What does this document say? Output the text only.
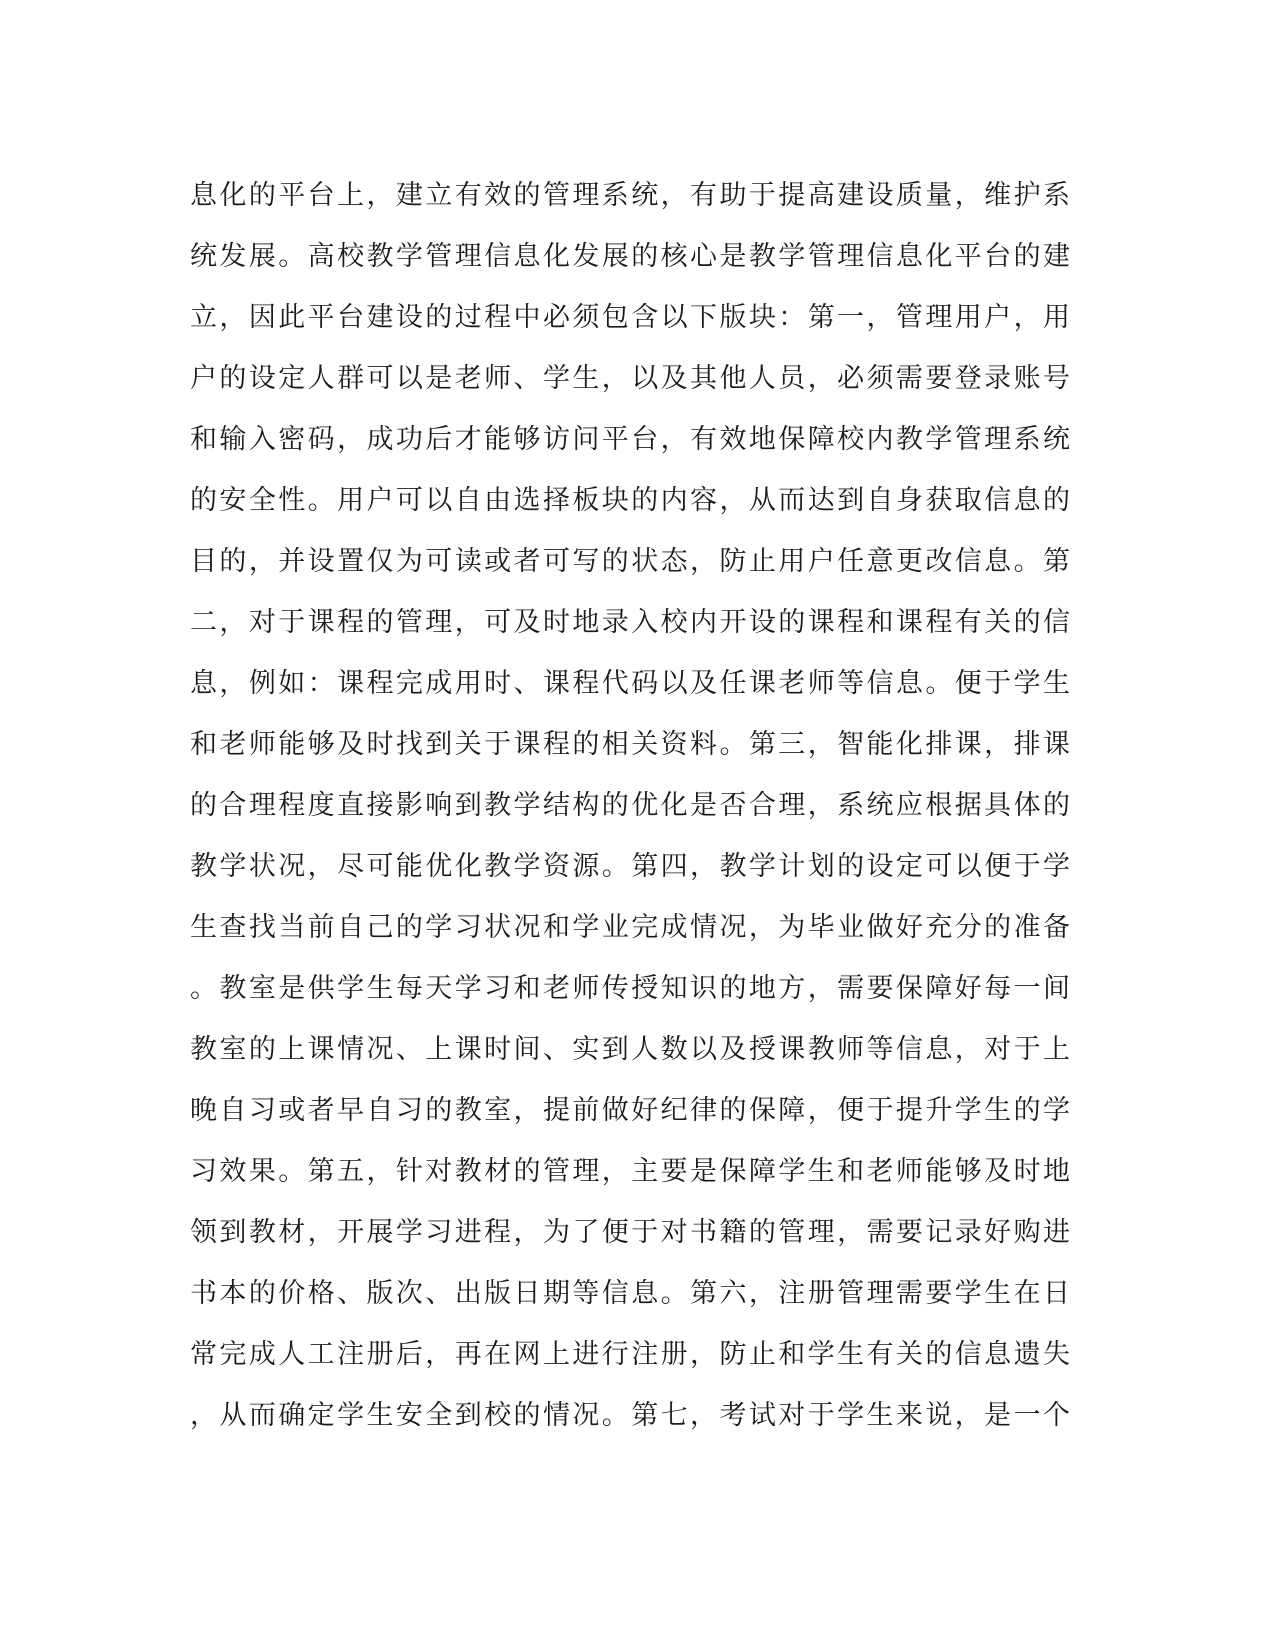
息化的平台上，建立有效的管理系统，有助于提高建设质量，维护系
统发展。高校教学管理信息化发展的核心是教学管理信息化平台的建
立，因此平台建设的过程中必须包含以下版块：第一，管理用户，用
户的设定人群可以是老师、学生，以及其他人员，必须需要登录账号
和输入密码，成功后才能够访问平台，有效地保障校内教学管理系统
的安全性。用户可以自由选择板块的内容，从而达到自身获取信息的
目的，并设置仅为可读或者可写的状态，防止用户任意更改信息。第
二，对于课程的管理，可及时地录入校内开设的课程和课程有关的信
息，例如：课程完成用时、课程代码以及任课老师等信息。便于学生
和老师能够及时找到关于课程的相关资料。第三，智能化排课，排课
的合理程度直接影响到教学结构的优化是否合理，系统应根据具体的
教学状况，尽可能优化教学资源。第四，教学计划的设定可以便于学
生查找当前自己的学习状况和学业完成情况，为毕业做好充分的准备
。教室是供学生每天学习和老师传授知识的地方，需要保障好每一间
教室的上课情况、上课时间、实到人数以及授课教师等信息，对于上
晚自习或者早自习的教室，提前做好纪律的保障，便于提升学生的学
习效果。第五，针对教材的管理，主要是保障学生和老师能够及时地
领到教材，开展学习进程，为了便于对书籍的管理，需要记录好购进
书本的价格、版次、出版日期等信息。第六，注册管理需要学生在日
常完成人工注册后，再在网上进行注册，防止和学生有关的信息遗失
，从而确定学生安全到校的情况。第七，考试对于学生来说，是一个
